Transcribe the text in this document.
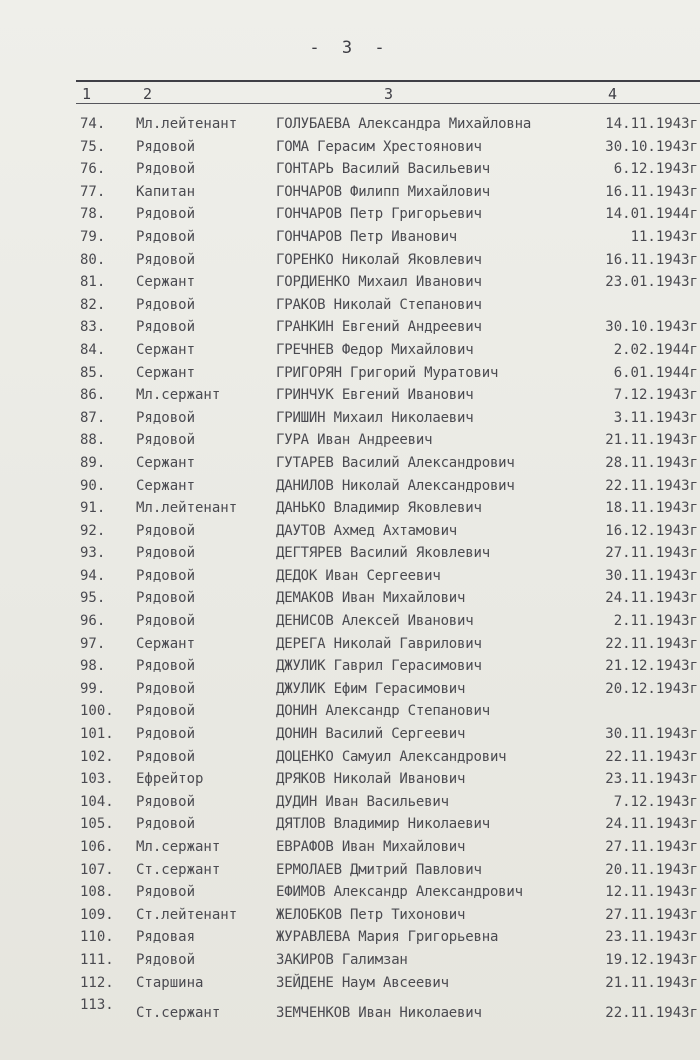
- 3 -
1	2	3	4
74.	Мл.лейтенант	ГОЛУБАЕВА Александра Михайловна	14.11.1943г
75.	Рядовой	ГОМА Герасим Хрестоянович	30.10.1943г
76.	Рядовой	ГОНТАРЬ Василий Васильевич	6.12.1943г
77.	Капитан	ГОНЧАРОВ Филипп Михайлович	16.11.1943г
78.	Рядовой	ГОНЧАРОВ Петр Григорьевич	14.01.1944г
79.	Рядовой	ГОНЧАРОВ Петр Иванович	11.1943г
80.	Рядовой	ГОРЕНКО Николай Яковлевич	16.11.1943г
81.	Сержант	ГОРДИЕНКО Михаил Иванович	23.01.1943г
82.	Рядовой	ГРАКОВ Николай Степанович
83.	Рядовой	ГРАНКИН Евгений Андреевич	30.10.1943г
84.	Сержант	ГРЕЧНЕВ Федор Михайлович	2.02.1944г
85.	Сержант	ГРИГОРЯН Григорий Муратович	6.01.1944г
86.	Мл.сержант	ГРИНЧУК Евгений Иванович	7.12.1943г
87.	Рядовой	ГРИШИН Михаил Николаевич	3.11.1943г
88.	Рядовой	ГУРА Иван Андреевич	21.11.1943г
89.	Сержант	ГУТАРЕВ Василий Александрович	28.11.1943г
90.	Сержант	ДАНИЛОВ Николай Александрович	22.11.1943г
91.	Мл.лейтенант	ДАНЬКО Владимир Яковлевич	18.11.1943г
92.	Рядовой	ДАУТОВ Ахмед Ахтамович	16.12.1943г
93.	Рядовой	ДЕГТЯРЕВ Василий Яковлевич	27.11.1943г
94.	Рядовой	ДЕДОК Иван Сергеевич	30.11.1943г
95.	Рядовой	ДЕМАКОВ Иван Михайлович	24.11.1943г
96.	Рядовой	ДЕНИСОВ Алексей Иванович	2.11.1943г
97.	Сержант	ДЕРЕГА Николай Гаврилович	22.11.1943г
98.	Рядовой	ДЖУЛИК Гаврил Герасимович	21.12.1943г
99.	Рядовой	ДЖУЛИК Ефим Герасимович	20.12.1943г
100.	Рядовой	ДОНИН Александр Степанович
101.	Рядовой	ДОНИН Василий Сергеевич	30.11.1943г
102.	Рядовой	ДОЦЕНКО Самуил Александрович	22.11.1943г
103.	Ефрейтор	ДРЯКОВ Николай Иванович	23.11.1943г
104.	Рядовой	ДУДИН Иван Васильевич	7.12.1943г
105.	Рядовой	ДЯТЛОВ Владимир Николаевич	24.11.1943г
106.	Мл.сержант	ЕВРАФОВ Иван Михайлович	27.11.1943г
107.	Ст.сержант	ЕРМОЛАЕВ Дмитрий Павлович	20.11.1943г
108.	Рядовой	ЕФИМОВ Александр Александрович	12.11.1943г
109.	Ст.лейтенант	ЖЕЛОБКОВ Петр Тихонович	27.11.1943г
110.	Рядовая	ЖУРАВЛЕВА Мария Григорьевна	23.11.1943г
111.	Рядовой	ЗАКИРОВ Галимзан	19.12.1943г
112.	Старшина	ЗЕЙДЕНЕ Наум Авсеевич	21.11.1943г
113.	Ст.сержант	ЗЕМЧЕНКОВ Иван Николаевич	22.11.1943г
